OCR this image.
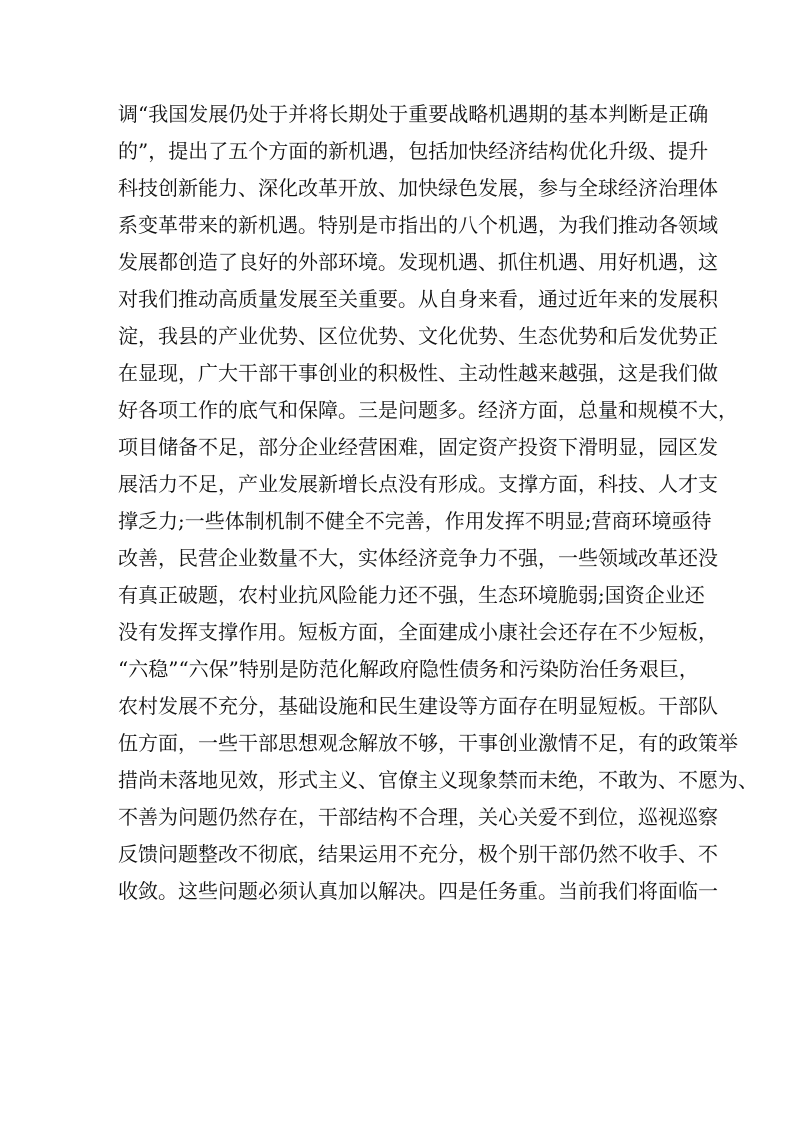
调“我国发展仍处于并将长期处于重要战略机遇期的基本判断是正确
的”，提出了五个方面的新机遇，包括加快经济结构优化升级、提升
科技创新能力、深化改革开放、加快绿色发展，参与全球经济治理体
系变革带来的新机遇。特别是市指出的八个机遇，为我们推动各领域
发展都创造了良好的外部环境。发现机遇、抓住机遇、用好机遇，这
对我们推动高质量发展至关重要。从自身来看，通过近年来的发展积
淀，我县的产业优势、区位优势、文化优势、生态优势和后发优势正
在显现，广大干部干事创业的积极性、主动性越来越强，这是我们做
好各项工作的底气和保障。三是问题多。经济方面，总量和规模不大，
项目储备不足，部分企业经营困难，固定资产投资下滑明显，园区发
展活力不足，产业发展新增长点没有形成。支撑方面，科技、人才支
撑乏力;一些体制机制不健全不完善，作用发挥不明显;营商环境亟待
改善，民营企业数量不大，实体经济竞争力不强，一些领域改革还没
有真正破题，农村业抗风险能力还不强，生态环境脆弱;国资企业还
没有发挥支撑作用。短板方面，全面建成小康社会还存在不少短板，
“六稳”“六保”特别是防范化解政府隐性债务和污染防治任务艰巨，
农村发展不充分，基础设施和民生建设等方面存在明显短板。干部队
伍方面，一些干部思想观念解放不够，干事创业激情不足，有的政策举
措尚未落地见效，形式主义、官僚主义现象禁而未绝，不敢为、不愿为、
不善为问题仍然存在，干部结构不合理，关心关爱不到位，巡视巡察
反馈问题整改不彻底，结果运用不充分，极个别干部仍然不收手、不
收敛。这些问题必须认真加以解决。四是任务重。当前我们将面临一
